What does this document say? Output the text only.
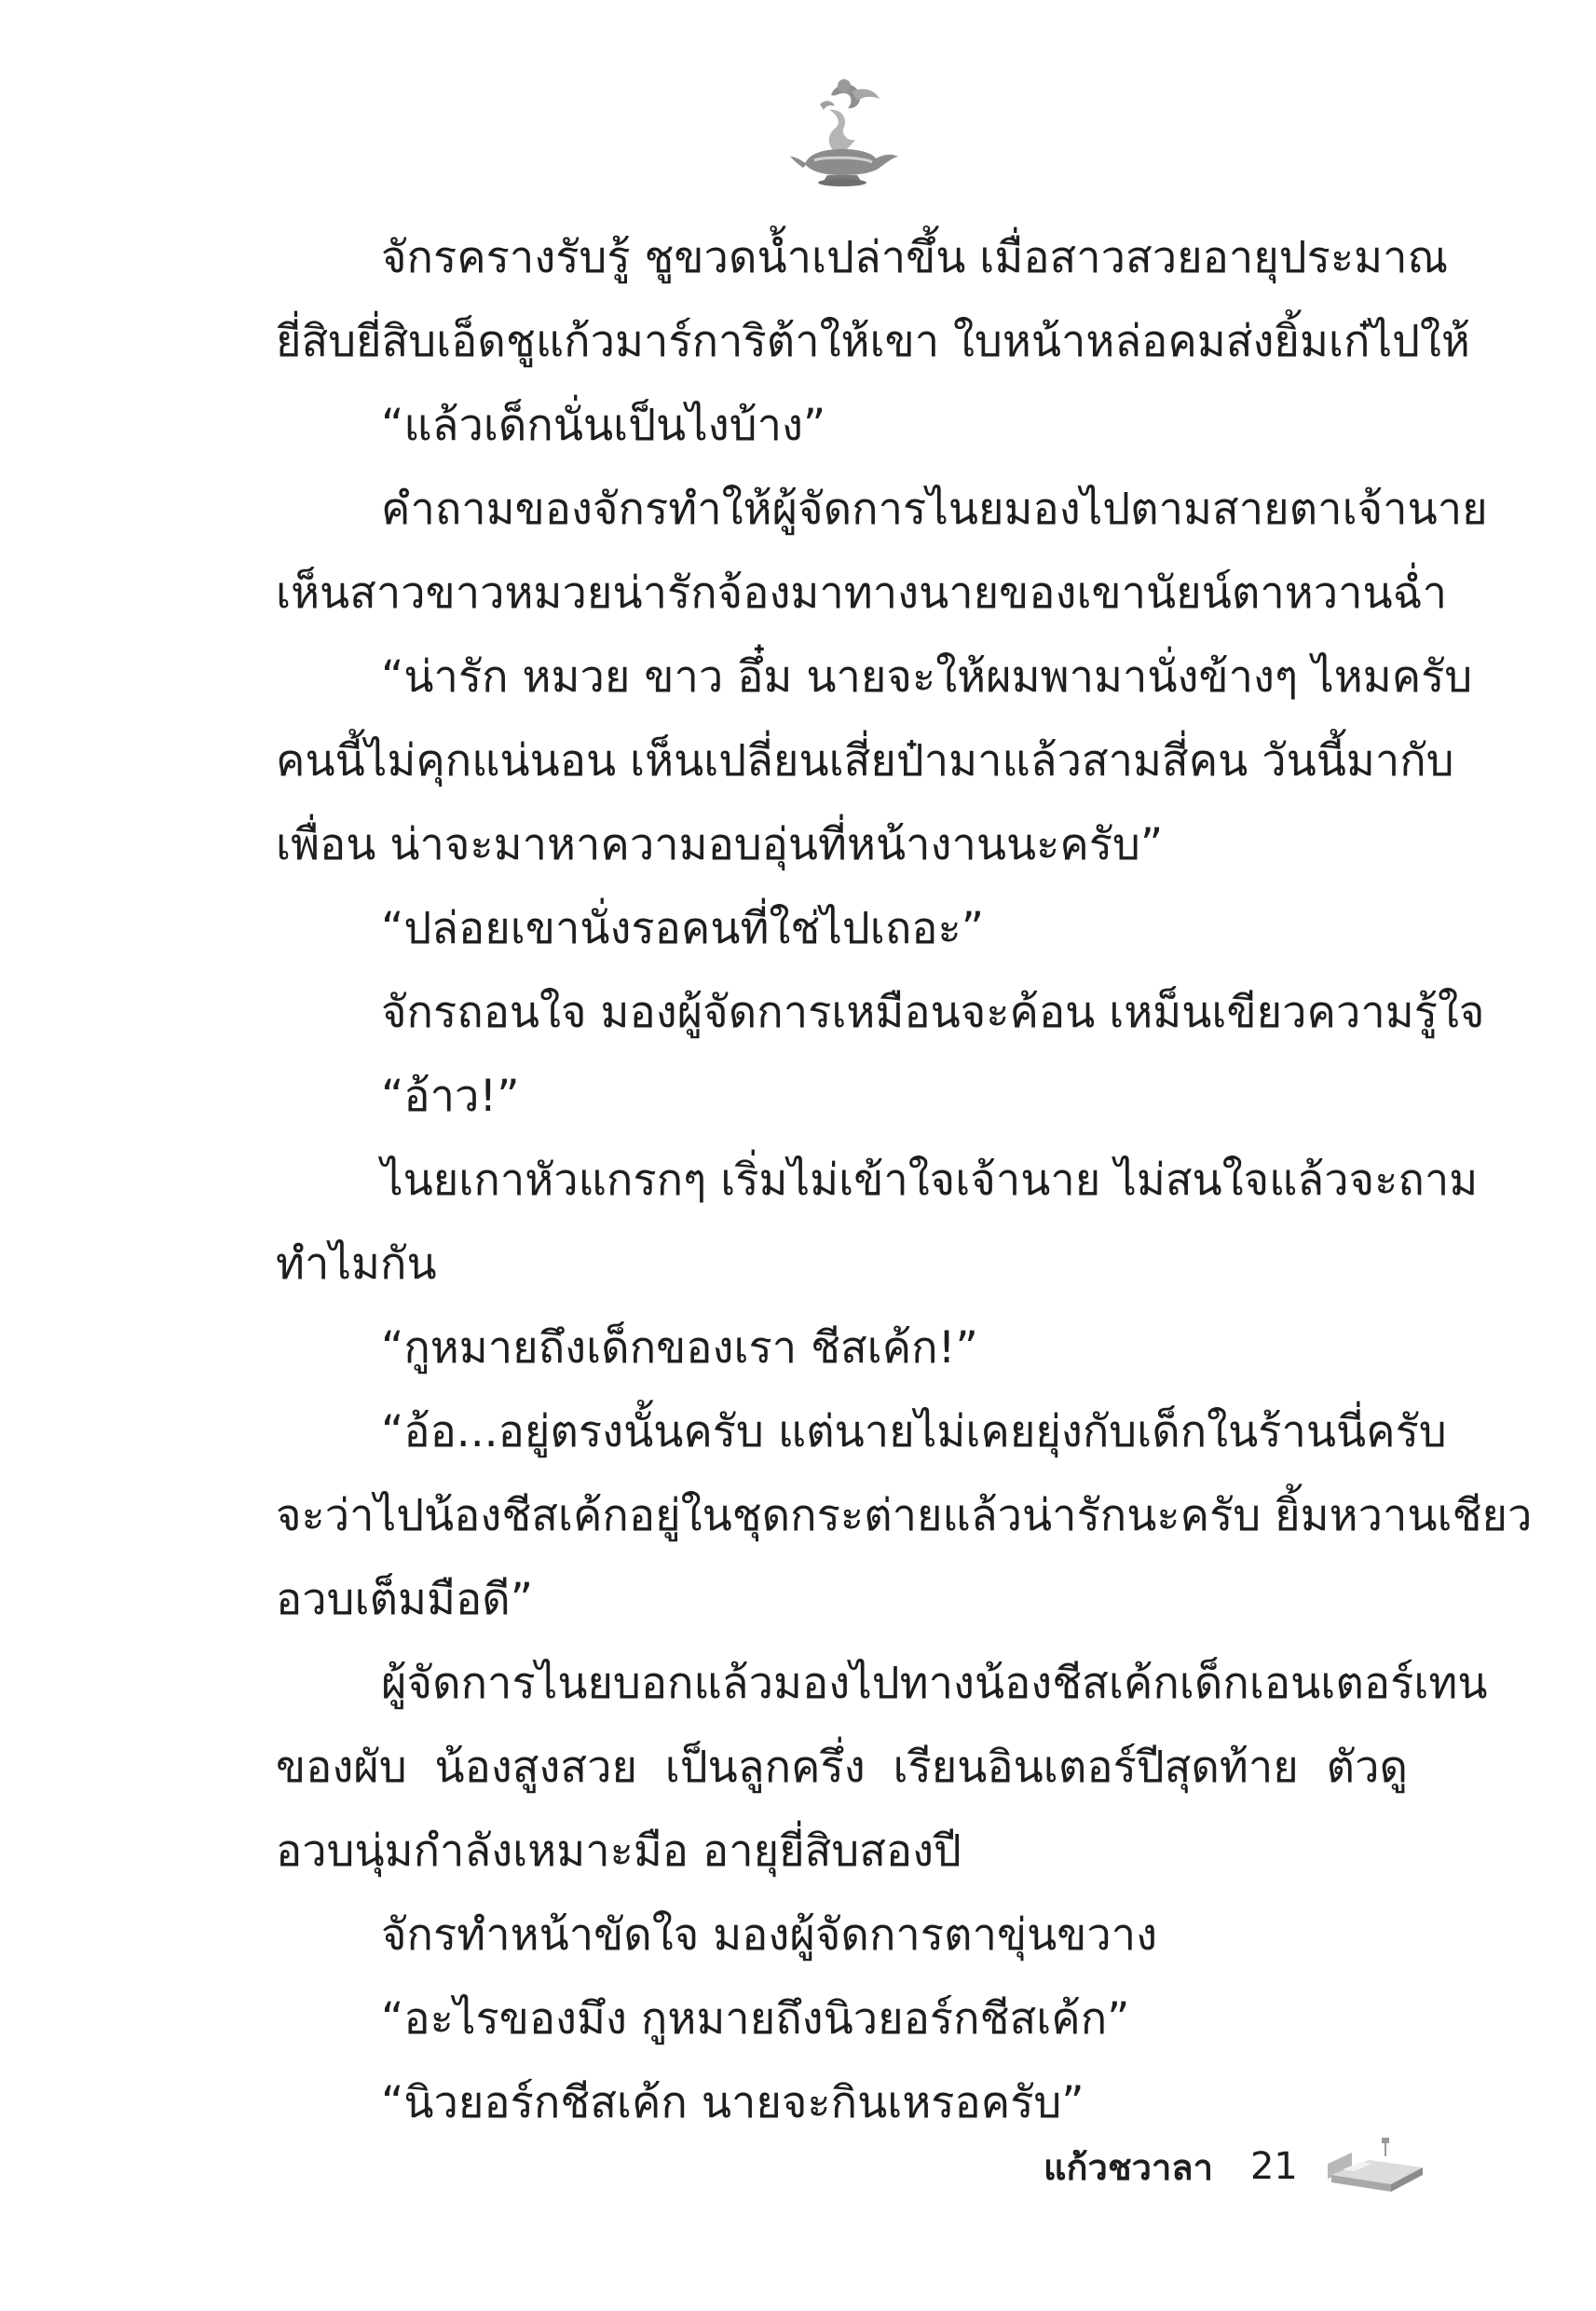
จักรครางรับรู้ ชูขวดน้ำเปล่าขึ้น เมื่อสาวสวยอายุประมาณ
ยี่สิบยี่สิบเอ็ดชูแก้วมาร์การิต้าให้เขา ใบหน้าหล่อคมส่งยิ้มเก๋ไปให้
“แล้วเด็กนั่นเป็นไงบ้าง”
คำถามของจักรทำให้ผู้จัดการไนยมองไปตามสายตาเจ้านาย
เห็นสาวขาวหมวยน่ารักจ้องมาทางนายของเขานัยน์ตาหวานฉ่ำ
“น่ารัก หมวย ขาว อึ๋ม นายจะให้ผมพามานั่งข้างๆ ไหมครับ
คนนี้ไม่คุกแน่นอน เห็นเปลี่ยนเสี่ยป๋ามาแล้วสามสี่คน วันนี้มากับ
เพื่อน น่าจะมาหาความอบอุ่นที่หน้างานนะครับ”
“ปล่อยเขานั่งรอคนที่ใช่ไปเถอะ”
จักรถอนใจ มองผู้จัดการเหมือนจะค้อน เหม็นเขียวความรู้ใจ
“อ้าว!”
ไนยเกาหัวแกรกๆ เริ่มไม่เข้าใจเจ้านาย ไม่สนใจแล้วจะถาม
ทำไมกัน
“กูหมายถึงเด็กของเรา ชีสเค้ก!”
“อ้อ...อยู่ตรงนั้นครับ แต่นายไม่เคยยุ่งกับเด็กในร้านนี่ครับ
จะว่าไปน้องชีสเค้กอยู่ในชุดกระต่ายแล้วน่ารักนะครับ ยิ้มหวานเชียว
อวบเต็มมือดี”
ผู้จัดการไนยบอกแล้วมองไปทางน้องชีสเค้กเด็กเอนเตอร์เทน
ของผับ น้องสูงสวย เป็นลูกครึ่ง เรียนอินเตอร์ปีสุดท้าย ตัวดู
อวบนุ่มกำลังเหมาะมือ อายุยี่สิบสองปี
จักรทำหน้าขัดใจ มองผู้จัดการตาขุ่นขวาง
“อะไรของมึง กูหมายถึงนิวยอร์กชีสเค้ก”
“นิวยอร์กชีสเค้ก นายจะกินเหรอครับ”
แก้วชวาลา 21
